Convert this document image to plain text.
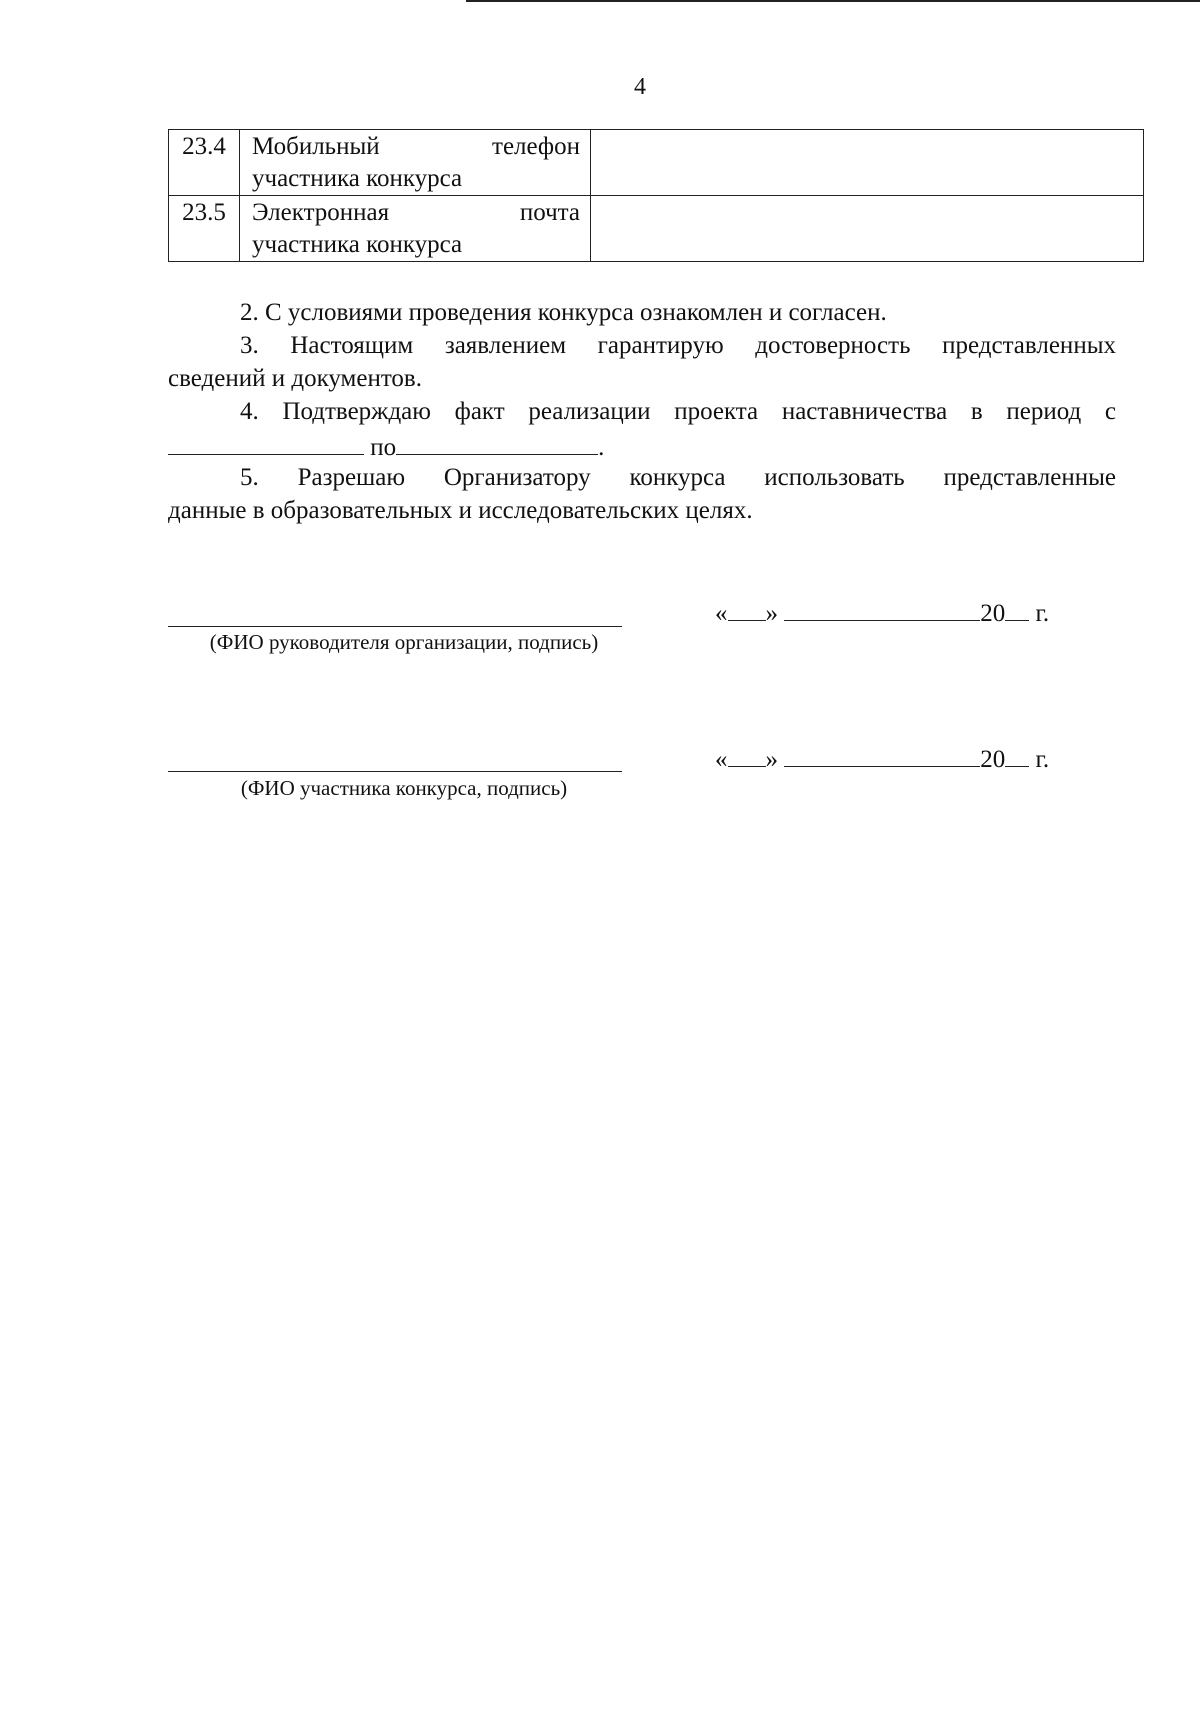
4
23.4	Мобильный телефон
участника конкурса	

23.5	Электронная почта
участника конкурса	

2. С условиями проведения конкурса ознакомлен и согласен.
3. Настоящим заявлением гарантирую достоверность представленных
сведений и документов.
4. Подтверждаю факт реализации проекта наставничества в период с
по	.
5. Разрешаю Организатору конкурса использовать представленные
данные в образовательных и исследовательских целях.
(ФИО руководителя организации, подпись)
« »	20 г.
(ФИО участника конкурса, подпись)
« »	20 г.
